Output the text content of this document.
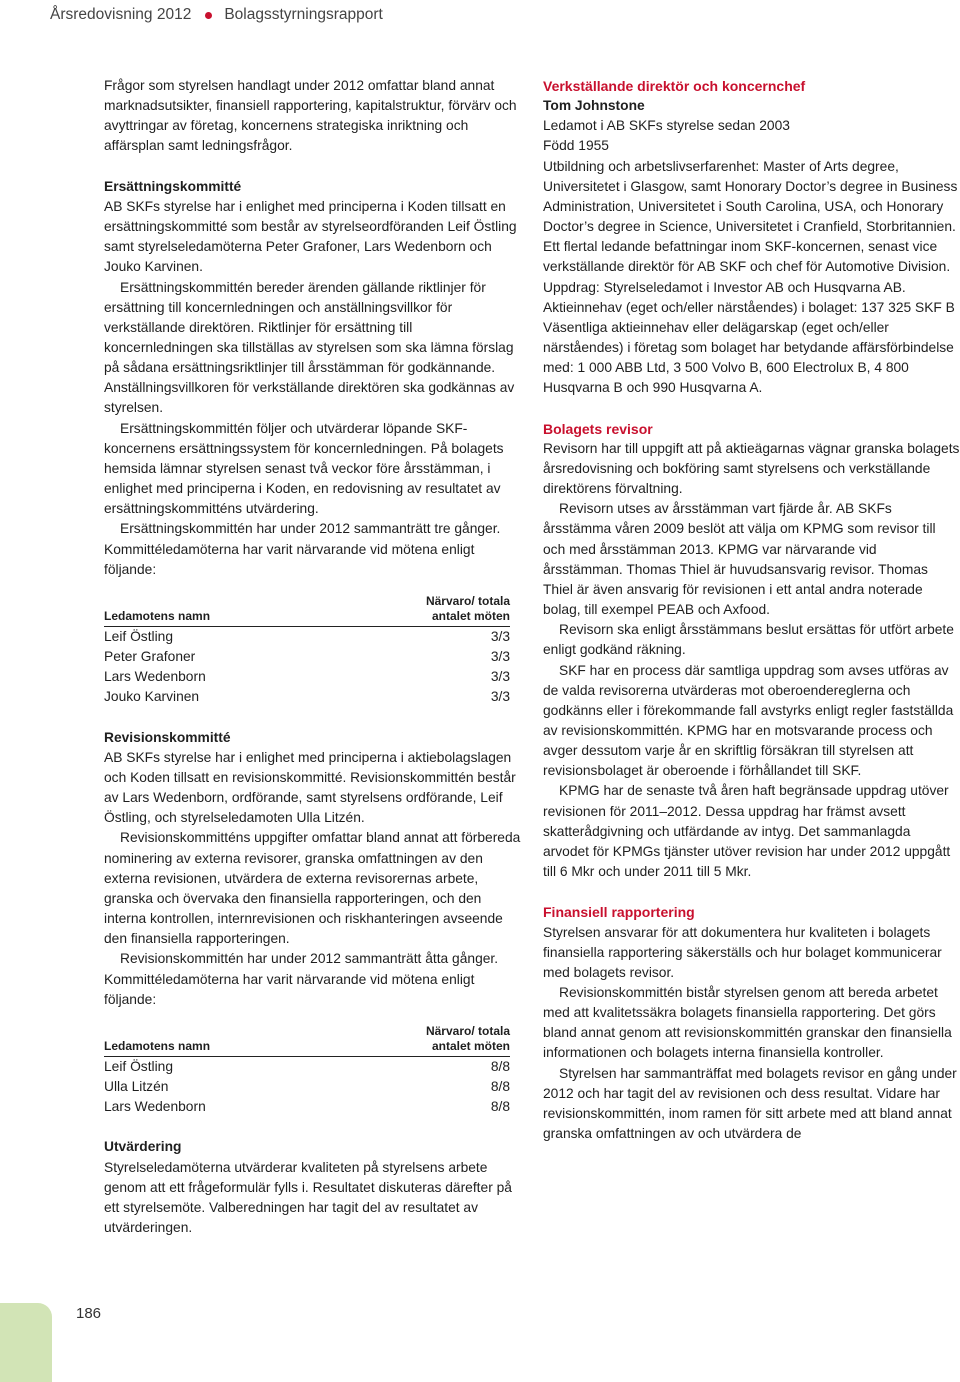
Årsredovisning 2012 Bolagsstyrningsrapport

Frågor som styrelsen handlagt under 2012 omfattar bland annat marknadsutsikter, finansiell rapportering, kapitalstruktur, förvärv och avyttringar av företag, koncernens strategiska inriktning och affärsplan samt ledningsfrågor.

Ersättningskommitté

AB SKFs styrelse har i enlighet med principerna i Koden tillsatt en ersättningskommitté som består av styrelseordföranden Leif Östling samt styrelseledamöterna Peter Grafoner, Lars Wedenborn och Jouko Karvinen.

Ersättningskommittén bereder ärenden gällande riktlinjer för ersättning till koncernledningen och anställningsvillkor för verkställande direktören. Riktlinjer för ersättning till koncernledningen ska tillställas av styrelsen som ska lämna förslag på sådana ersättningsriktlinjer till årsstämman för godkännande. Anställningsvillkoren för verkställande direktören ska godkännas av styrelsen.

Ersättningskommittén följer och utvärderar löpande SKF-koncernens ersättningssystem för koncernledningen. På bolagets hemsida lämnar styrelsen senast två veckor före årsstämman, i enlighet med principerna i Koden, en redovisning av resultatet av ersättningskommitténs utvärdering.

Ersättningskommittén har under 2012 sammanträtt tre gånger. Kommittéledamöterna har varit närvarande vid mötena enligt följande:

	Närvaro/ totala
Ledamotens namn	antalet möten
Leif Östling	3/3
Peter Grafoner	3/3
Lars Wedenborn	3/3
Jouko Karvinen	3/3
Revisionskommitté

AB SKFs styrelse har i enlighet med principerna i aktiebolagslagen och Koden tillsatt en revisionskommitté. Revisionskommittén består av Lars Wedenborn, ordförande, samt styrelsens ordförande, Leif Östling, och styrelseledamoten Ulla Litzén.

Revisionskommitténs uppgifter omfattar bland annat att förbereda nominering av externa revisorer, granska omfattningen av den externa revisionen, utvärdera de externa revisorernas arbete, granska och övervaka den finansiella rapporteringen, och den interna kontrollen, internrevisionen och riskhanteringen avseende den finansiella rapporteringen.

Revisionskommittén har under 2012 sammanträtt åtta gånger. Kommittéledamöterna har varit närvarande vid mötena enligt följande:

	Närvaro/ totala
Ledamotens namn	antalet möten
Leif Östling	8/8
Ulla Litzén	8/8
Lars Wedenborn	8/8
Utvärdering

Styrelseledamöterna utvärderar kvaliteten på styrelsens arbete genom att ett frågeformulär fylls i. Resultatet diskuteras därefter på ett styrelsemöte. Valberedningen har tagit del av resultatet av utvärderingen.

Verkställande direktör och koncernchef

Tom Johnstone

Ledamot i AB SKFs styrelse sedan 2003

Född 1955

Utbildning och arbetslivserfarenhet: Master of Arts degree, Universitetet i Glasgow, samt Honorary Doctor’s degree in Business Administration, Universitetet i South Carolina, USA, och Honorary Doctor’s degree in Science, Universitetet i Cranfield, Storbritannien. Ett flertal ledande befattningar inom SKF-koncernen, senast vice verkställande direktör för AB SKF och chef för Automotive Division.

Uppdrag: Styrelseledamot i Investor AB och Husqvarna AB.

Aktieinnehav (eget och/eller närståendes) i bolaget: 137 325 SKF B

Väsentliga aktieinnehav eller delägarskap (eget och/eller närståendes) i företag som bolaget har betydande affärsförbindelse med: 1 000 ABB Ltd, 3 500 Volvo B, 600 Electrolux B, 4 800 Husqvarna B och 990 Husqvarna A.

Bolagets revisor

Revisorn har till uppgift att på aktieägarnas vägnar granska bolagets årsredovisning och bokföring samt styrelsens och verkställande direktörens förvaltning.

Revisorn utses av årsstämman vart fjärde år. AB SKFs årsstämma våren 2009 beslöt att välja om KPMG som revisor till och med årsstämman 2013. KPMG var närvarande vid årsstämman. Thomas Thiel är huvudsansvarig revisor. Thomas Thiel är även ansvarig för revisionen i ett antal andra noterade bolag, till exempel PEAB och Axfood.

Revisorn ska enligt årsstämmans beslut ersättas för utfört arbete enligt godkänd räkning.

SKF har en process där samtliga uppdrag som avses utföras av de valda revisorerna utvärderas mot oberoendereglerna och godkänns eller i förekommande fall avstyrks enligt regler fastställda av revisionskommittén. KPMG har en motsvarande process och avger dessutom varje år en skriftlig försäkran till styrelsen att revisionsbolaget är oberoende i förhållandet till SKF.

KPMG har de senaste två åren haft begränsade uppdrag utöver revisionen för 2011–2012. Dessa uppdrag har främst avsett skatterådgivning och utfärdande av intyg. Det sammanlagda arvodet för KPMGs tjänster utöver revision har under 2012 uppgått till 6 Mkr och under 2011 till 5 Mkr.

Finansiell rapportering

Styrelsen ansvarar för att dokumentera hur kvaliteten i bolagets finansiella rapportering säkerställs och hur bolaget kommunicerar med bolagets revisor.

Revisionskommittén bistår styrelsen genom att bereda arbetet med att kvalitetssäkra bolagets finansiella rapportering. Det görs bland annat genom att revisionskommittén granskar den finansiella informationen och bolagets interna finansiella kontroller.

Styrelsen har sammanträffat med bolagets revisor en gång under 2012 och har tagit del av revisionen och dess resultat. Vidare har revisionskommittén, inom ramen för sitt arbete med att bland annat granska omfattningen av och utvärdera de

186
